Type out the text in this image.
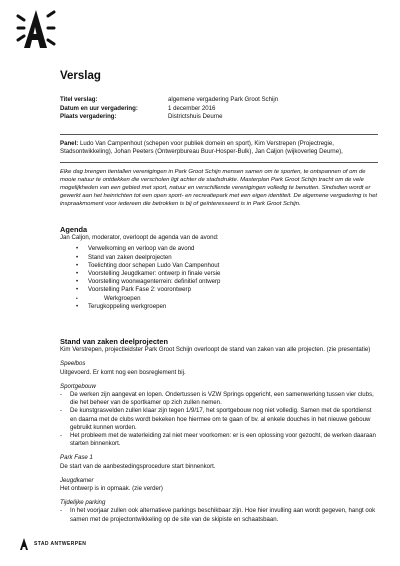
Verslag
Titel verslag:	algemene vergadering Park Groot Schijn
Datum en uur vergadering:	1 december 2016
Plaats vergadering:	Districtshuis Deurne
Panel: Ludo Van Campenhout (schepen voor publiek domein en sport), Kim Verstrepen (Projectregie, Stadsontwikkeling), Johan Peeters (Ontwerpbureau Buur-Hosper-Bulk), Jan Caljon (wijkoverleg Deurne),
Elke dag brengen tientallen verenigingen in Park Groot Schijn mensen samen om te sporten, te ontspannen of om de mooie natuur te ontdekken die verscholen ligt achter de stadsdrukte. Masterplan Park Groot Schijn tracht om de vele mogelijkheden van een gebied met sport, natuur en verschillende verenigingen volledig te benutten. Sindsdien wordt er gewerkt aan het heinrichten tot een open sport- en recreatiepark met een eigen identiteit. De algemene vergadering is het inspraakmoment voor iedereen die betrokken is bij of geïnteresseerd is in Park Groot Schijn.

Agenda

Jan Caljon, moderator, overloopt de agenda van de avond:
• Verwelkoming en verloop van de avond
• Stand van zaken deelprojecten
• Toelichting door schepen Ludo Van Campenhout
• Voorstelling Jeugdkamer: ontwerp in finale versie
• Voorstelling woonwagenterrein: definitief ontwerp
• Voorstelling Park Fase 2: voorontwerp
• Werkgroepen
• Terugkoppeling werkgroepen

Stand van zaken deelprojecten

Kim Verstrepen, projectleidster Park Groot Schijn overloopt de stand van zaken van alle projecten. (zie presentatie)
Speelbos
Uitgevoerd. Er komt nog een bosreglement bij.
Sportgebouw
-	De werken zijn aangevat en lopen. Ondertussen is VZW Springs opgericht, een samenwerking tussen vier clubs, die het beheer van de sportkamer op zich zullen nemen.
-	De kunstgrasvelden zullen klaar zijn tegen 1/9/17, het sportgebouw nog niet volledig. Samen met de sportdienst en daarna met de clubs wordt bekeken hoe hiermee om te gaan of bv. al enkele douches in het nieuwe gebouw gebruikt kunnen worden.
-	Het probleem met de waterleiding zal niet meer voorkomen: er is een oplossing voor gezocht, de werken daaraan starten binnenkort.
Park Fase 1
De start van de aanbestedingsprocedure start binnenkort.
Jeugdkamer
Het ontwerp is in opmaak. (zie verder)
Tijdelijke parking
-	In het voorjaar zullen ook alternatieve parkings beschikbaar zijn. Hoe hier invulling aan wordt gegeven, hangt ook samen met de projectontwikkeling op de site van de skipiste en schaatsbaan.
STAD ANTWERPEN
